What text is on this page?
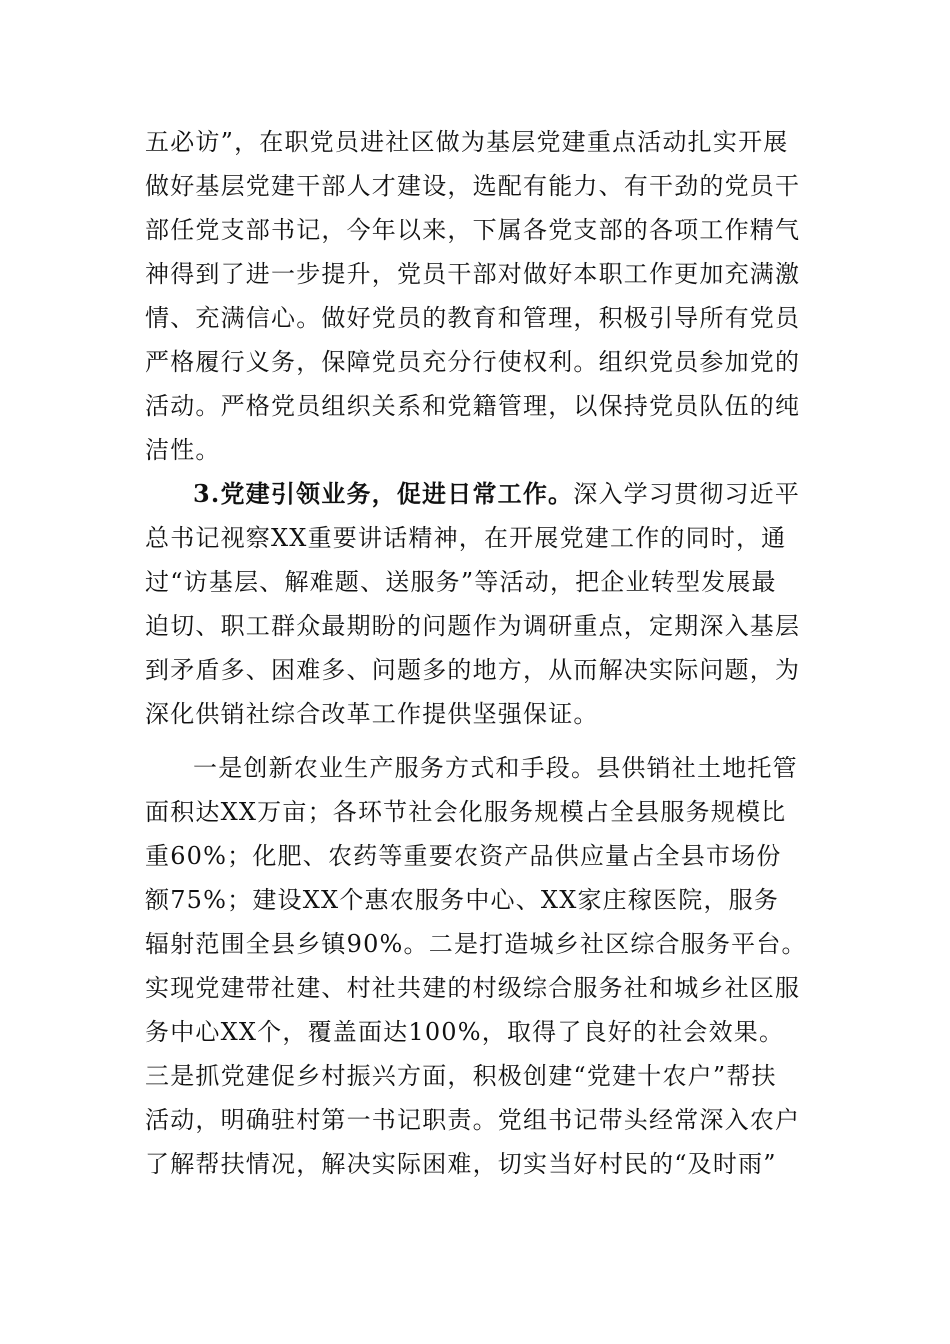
五必访”，在职党员进社区做为基层党建重点活动扎实开展
做好基层党建干部人才建设，选配有能力、有干劲的党员干
部任党支部书记，今年以来，下属各党支部的各项工作精气
神得到了进一步提升，党员干部对做好本职工作更加充满激
情、充满信心。做好党员的教育和管理，积极引导所有党员
严格履行义务，保障党员充分行使权利。组织党员参加党的
活动。严格党员组织关系和党籍管理，以保持党员队伍的纯
洁性。
3.党建引领业务，促进日常工作。深入学习贯彻习近平
总书记视察XX重要讲话精神，在开展党建工作的同时，通
过“访基层、解难题、送服务”等活动，把企业转型发展最
迫切、职工群众最期盼的问题作为调研重点，定期深入基层
到矛盾多、困难多、问题多的地方，从而解决实际问题，为
深化供销社综合改革工作提供坚强保证。
一是创新农业生产服务方式和手段。县供销社土地托管
面积达XX万亩；各环节社会化服务规模占全县服务规模比
重60%；化肥、农药等重要农资产品供应量占全县市场份
额75%；建设XX个惠农服务中心、XX家庄稼医院，服务
辐射范围全县乡镇90%。二是打造城乡社区综合服务平台。
实现党建带社建、村社共建的村级综合服务社和城乡社区服
务中心XX个，覆盖面达100%，取得了良好的社会效果。
三是抓党建促乡村振兴方面，积极创建“党建十农户”帮扶
活动，明确驻村第一书记职责。党组书记带头经常深入农户
了解帮扶情况，解决实际困难，切实当好村民的“及时雨”
